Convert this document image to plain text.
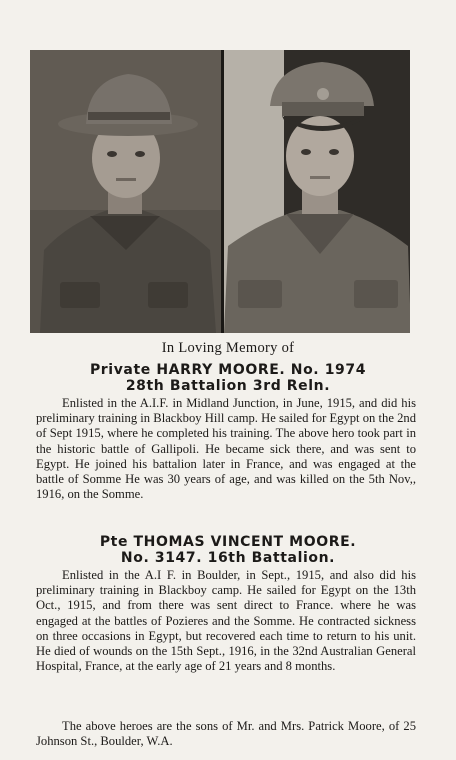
In Loving Memory of
Private HARRY MOORE. No. 1974
28th Battalion 3rd Reln.
Enlisted in the A.I.F. in Midland Junction, in June, 1915, and did his preliminary training in Blackboy Hill camp. He sailed for Egypt on the 2nd of Sept 1915, where he completed his training. The above hero took part in the historic battle of Gallipoli. He became sick there, and was sent to Egypt. He joined his battalion later in France, and was engaged at the battle of Somme He was 30 years of age, and was killed on the 5th Nov,, 1916, on the Somme.
Pte THOMAS VINCENT MOORE.
No. 3147. 16th Battalion.
Enlisted in the A.I F. in Boulder, in Sept., 1915, and also did his preliminary training in Blackboy camp. He sailed for Egypt on the 13th Oct., 1915, and from there was sent direct to France. where he was engaged at the battles of Pozieres and the Somme. He contracted sickness on three occasions in Egypt, but recovered each time to return to his unit. He died of wounds on the 15th Sept., 1916, in the 32nd Australian General Hospital, France, at the early age of 21 years and 8 months.
The above heroes are the sons of Mr. and Mrs. Patrick Moore, of 25 Johnson St., Boulder, W.A.
